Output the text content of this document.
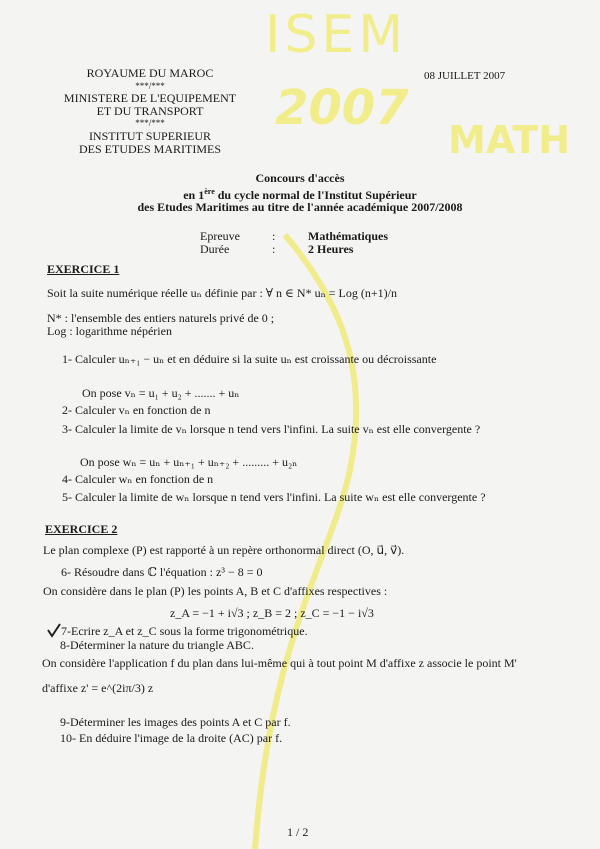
ISEM
2007
MATH
ROYAUME DU MAROC
***/***
MINISTERE DE L'EQUIPEMENT
ET DU TRANSPORT
***/***
INSTITUT SUPERIEUR
DES ETUDES MARITIMES
08 JUILLET 2007
Concours d'accès
en 1ère du cycle normal de l'Institut Supérieur
des Etudes Maritimes au titre de l'année académique 2007/2008
Epreuve	:	Mathématiques
Durée	:	2 Heures
EXERCICE 1
Soit la suite numérique réelle uₙ définie par : ∀ n ∈ N* uₙ = Log (n+1)/n
N* : l'ensemble des entiers naturels privé de 0 ;
Log : logarithme népérien
1- Calculer uₙ₊₁ − uₙ et en déduire si la suite uₙ est croissante ou décroissante
On pose vₙ = u₁ + u₂ + ....... + uₙ
2- Calculer vₙ en fonction de n
3- Calculer la limite de vₙ lorsque n tend vers l'infini. La suite vₙ est elle convergente ?
On pose wₙ = uₙ + uₙ₊₁ + uₙ₊₂ + ......... + u₂ₙ
4- Calculer wₙ en fonction de n
5- Calculer la limite de wₙ lorsque n tend vers l'infini. La suite wₙ est elle convergente ?
EXERCICE 2
Le plan complexe (P) est rapporté à un repère orthonormal direct (O, u⃗, v⃗).
6- Résoudre dans ℂ l'équation : z³ − 8 = 0
On considère dans le plan (P) les points A, B et C d'affixes respectives :
z_A = −1 + i√3 ; z_B = 2 ; z_C = −1 − i√3
7-Ecrire z_A et z_C sous la forme trigonométrique.
8-Déterminer la nature du triangle ABC.
On considère l'application f du plan dans lui-même qui à tout point M d'affixe z associe le point M'
d'affixe z' = e^(2iπ/3) z
9-Déterminer les images des points A et C par f.
10- En déduire l'image de la droite (AC) par f.
1 / 2
